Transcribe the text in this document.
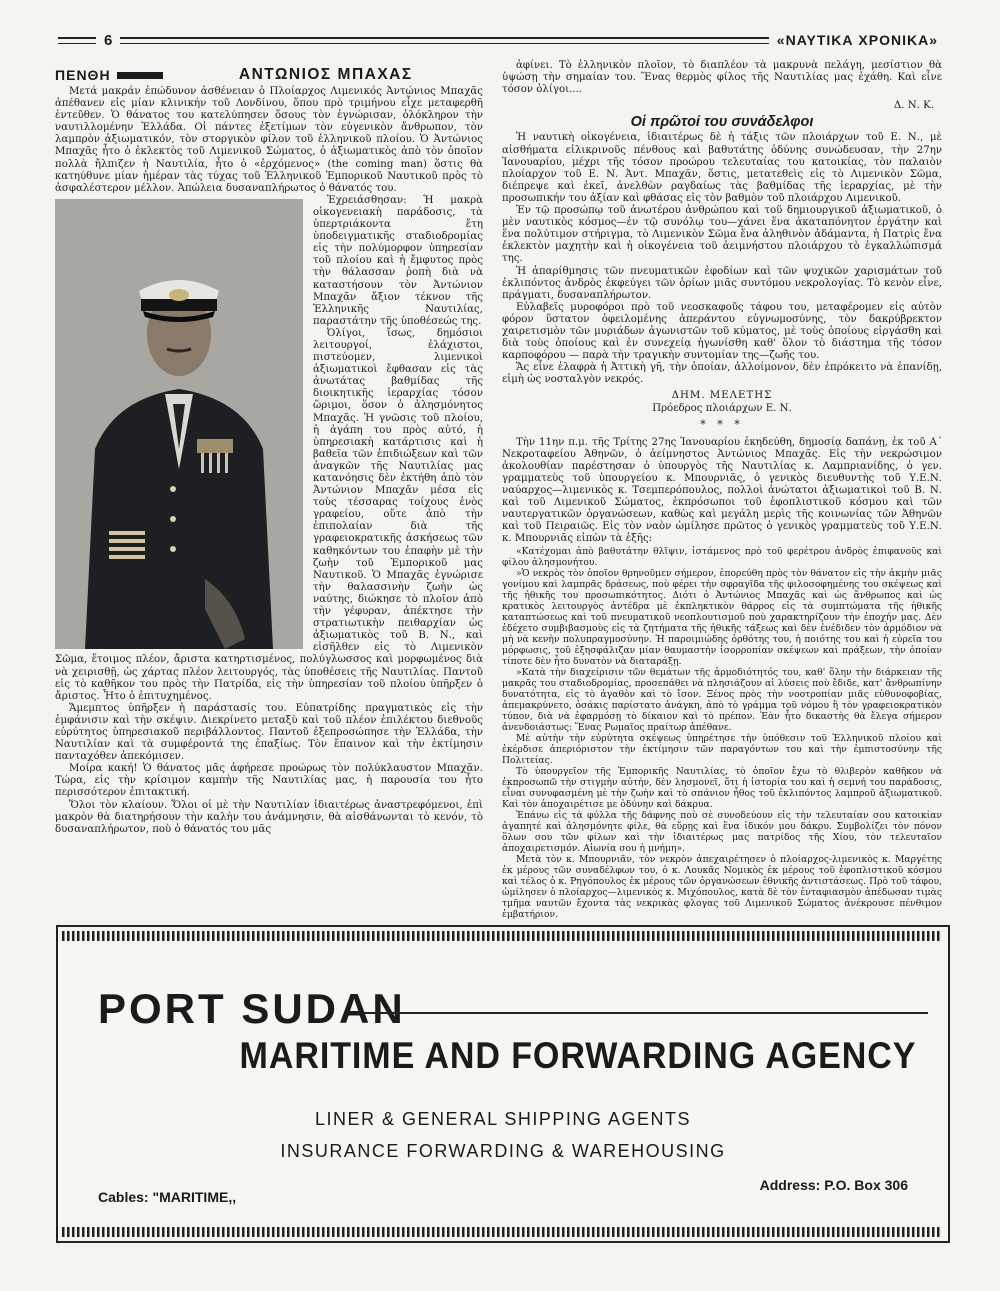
6	«ΝΑΥΤΙΚΑ ΧΡΟΝΙΚΑ»
ΠΕΝΘΗ	ΑΝΤΩΝΙΟΣ ΜΠΑΧΑΣ

Μετά μακράν ἐπώδυνον ἀσθένειαν ὁ Πλοίαρχος Λιμενικός Ἀντώνιος Μπαχᾶς ἀπέθανεν εἰς μίαν κλινικήν τοῦ Λονδίνου, ὅπου πρὸ τριμήνου εἶχε μεταφερθῆ ἐντεῦθεν. Ὁ θάνατος του κατελύπησεν ὅσους τὸν ἐγνώρισαν, ὁλόκληρον τὴν ναυτιλλομένην Ἑλλάδα. Οἱ πάντες ἐξετίμων τὸν εὐγενικὸν ἄνθρωπον, τὸν λαμπρὸν ἀξιωματικόν, τὸν στοργικὸν φίλον τοῦ ἑλληνικοῦ πλοίου. Ὁ Ἀντώνιος Μπαχᾶς ἦτο ὁ ἐκλεκτὸς τοῦ Λιμενικοῦ Σώματος, ὁ ἀξιωματικὸς ἀπὸ τὸν ὁποῖον πολλὰ ἤλπιζεν ἡ Ναυτιλία, ἦτο ὁ «ἐρχόμενος» (the coming man) ὅστις θὰ κατηύθυνε μίαν ἡμέραν τὰς τύχας τοῦ Ἑλληνικοῦ Ἐμπορικοῦ Ναυτικοῦ πρὸς τὸ ἀσφαλέστερον μέλλον. Ἀπώλεια δυσαναπλήρωτος ὁ θάνατός του.

Ἐχρειάσθησαν: Ἡ μακρὰ οἰκογενειακὴ παράδοσις, τὰ ὑπερτριάκοντα ἔτη ὑποδειγματικῆς σταδιοδρομίας εἰς τὴν πολύμορφον ὑπηρεσίαν τοῦ πλοίου καὶ ἡ ἔμφυτος πρὸς τὴν θάλασσαν ῥοπὴ διὰ νὰ καταστήσουν τὸν Ἀντώνιον Μπαχᾶν ἄξιον τέκνον τῆς Ἑλληνικῆς Ναυτιλίας, παραστάτην τῆς ὑποθέσεώς της.

Ὀλίγοι, ἴσως, δημόσιοι λειτουργοί, ἐλάχιστοι, πιστεύομεν, λιμενικοὶ ἀξιωματικοὶ ἔφθασαν εἰς τὰς ἀνωτάτας βαθμίδας τῆς διοικητικῆς ἱεραρχίας τόσον ὥριμοι, ὅσον ὁ ἀλησμόνητος Μπαχᾶς. Ἡ γνῶσις τοῦ πλοίου, ἡ ἀγάπη του πρὸς αὐτό, ἡ ὑπηρεσιακὴ κατάρτισις καὶ ἡ βαθεῖα τῶν ἐπιδιώξεων καὶ τῶν ἀναγκῶν τῆς Ναυτιλίας μας κατανόησις δὲν ἐκτήθη ἀπὸ τὸν Ἀντώνιον Μπαχᾶν μέσα εἰς τοὺς τέσσαρας τοίχους ἑνὸς γραφείου, οὔτε ἀπὸ τὴν ἐπιπολαίαν διὰ τῆς γραφειοκρατικῆς ἀσκήσεως τῶν καθηκόντων του ἐπαφὴν μὲ τὴν ζωὴν τοῦ Ἐμπορικοῦ μας Ναυτικοῦ. Ὁ Μπαχᾶς ἐγνώρισε τὴν θαλασσινὴν ζωὴν ὡς ναύτης, διώκησε τὸ πλοῖον ἀπὸ τὴν γέφυραν, ἀπέκτησε τὴν στρατιωτικὴν πειθαρχίαν ὡς ἀξιωματικὸς τοῦ Β. Ν., καὶ εἰσῆλθεν εἰς τὸ Λιμενικὸν Σῶμα, ἕτοιμος πλέον, ἄριστα κατηρτισμένος, πολύγλωσσος καὶ μορφωμένος διὰ νὰ χειρισθῇ, ὡς χάρτας πλέον λειτουργός, τὰς ὑποθέσεις τῆς Ναυτιλίας. Παντοῦ εἰς τὸ καθῆκον του πρὸς τὴν Πατρίδα, εἰς τὴν ὑπηρεσίαν τοῦ πλοίου ὑπῆρξεν ὁ ἄριστος. Ἦτο ὁ ἐπιτυχημένος.

Ἄμεμπτος ὑπῆρξεν ἡ παράστασίς του. Εὐπατρίδης πραγματικὸς εἰς τὴν ἐμφάνισιν καὶ τὴν σκέψιν. Διεκρίνετο μεταξὺ καὶ τοῦ πλέον ἐπιλέκτου διεθνοῦς εὐρύτητος ὑπηρεσιακοῦ περιβάλλοντος. Παντοῦ ἐξεπροσώπησε τὴν Ἑλλάδα, τὴν Ναυτιλίαν καὶ τὰ συμφέροντά της ἐπαξίως. Τὸν ἔπαινον καὶ τὴν ἐκτίμησιν πανταχόθεν ἀπεκόμισεν.

Μοίρα κακή! Ὁ θάνατος μᾶς ἀφήρεσε προώρως τὸν πολύκλαυστον Μπαχᾶν. Τώρα, εἰς τὴν κρίσιμον καμπὴν τῆς Ναυτιλίας μας, ἡ παρουσία του ἦτο περισσότερον ἐπιτακτική.

Ὅλοι τὸν κλαίουν. Ὅλοι οἱ μὲ τὴν Ναυτιλίαν ἰδιαιτέρως ἀναστρεφόμενοι, ἐπὶ μακρὸν θὰ διατηρήσουν τὴν καλὴν του ἀνάμνησιν, θὰ αἰσθάνωνται τὸ κενόν, τὸ δυσαναπλήρωτον, ποὺ ὁ θάνατός του μᾶς

ἀφίνει. Τὸ ἑλληνικὸν πλοῖον, τὸ διαπλέον τὰ μακρυνὰ πελάγη, μεσίστιον θὰ ὑψώσῃ τὴν σημαίαν του. Ἕνας θερμὸς φίλος τῆς Ναυτιλίας μας ἐχάθη. Καὶ εἶνε τόσον ὀλίγοι....

Δ. Ν. Κ.

Οἱ πρῶτοί του συνάδελφοι

Ἡ ναυτικὴ οἰκογένεια, ἰδιαιτέρως δὲ ἡ τάξις τῶν πλοιάρχων τοῦ Ε. Ν., μὲ αἰσθήματα εἰλικρινοῦς πένθους καὶ βαθυτάτης ὀδύνης συνώδευσαν, τὴν 27ην Ἰανουαρίου, μέχρι τῆς τόσον προώρου τελευταίας του κατοικίας, τὸν παλαιὸν πλοίαρχον τοῦ Ε. Ν. Ἀντ. Μπαχᾶν, ὅστις, μετατεθεὶς εἰς τὸ Λιμενικὸν Σῶμα, διέπρεψε καὶ ἐκεῖ, ἀνελθὼν ραγδαίως τὰς βαθμίδας τῆς ἱεραρχίας, μὲ τὴν προσωπικήν του ἀξίαν καὶ φθάσας εἰς τὸν βαθμὸν τοῦ πλοιάρχου Λιμενικοῦ.

Ἐν τῷ προσώπῳ τοῦ ἀνωτέρου ἀνθρώπου καὶ τοῦ δημιουργικοῦ ἀξιωματικοῦ, ὁ μὲν ναυτικὸς κόσμος—ἐν τῷ συνόλῳ του—χάνει ἕνα ἀκαταπόνητον ἐργάτην καὶ ἕνα πολύτιμον στήριγμα, τὸ Λιμενικὸν Σῶμα ἕνα ἀληθινὸν ἀδάμαντα, ἡ Πατρὶς ἕνα ἐκλεκτὸν μαχητὴν καὶ ἡ οἰκογένεια τοῦ ἀειμνήστου πλοιάρχου τὸ ἐγκαλλώπισμά της.

Ἡ ἀπαρίθμησις τῶν πνευματικῶν ἐφοδίων καὶ τῶν ψυχικῶν χαρισμάτων τοῦ ἐκλιπόντος ἀνδρὸς ἐκφεύγει τῶν ὁρίων μιᾶς συντόμου νεκρολογίας. Τὸ κενὸν εἶνε, πράγματι, δυσαναπλήρωτον.

Εὐλαβεῖς μυροφόροι πρὸ τοῦ νεοσκαφοῦς τάφου του, μεταφέρομεν εἰς αὐτὸν φόρον ὕστατον ὀφειλομένης ἀπεράντου εὐγνωμοσύνης, τὸν δακρύβρεκτον χαιρετισμὸν τῶν μυριάδων ἀγωνιστῶν τοῦ κύματος, μὲ τοὺς ὁποίους εἰργάσθη καὶ διὰ τοὺς ὁποίους καὶ ἐν συνεχείᾳ ἠγωνίσθη καθ' ὅλον τὸ διάστημα τῆς τόσον καρποφόρου — παρὰ τὴν τραγικὴν συντομίαν της—ζωῆς του.

Ἄς εἶνε ἐλαφρὰ ἡ Ἀττικὴ γῆ, τὴν ὁποίαν, ἀλλοίμονον, δὲν ἐπρόκειτο νὰ ἐπανίδῃ, εἰμὴ ὡς νοσταλγὸν νεκρός.

ΔΗΜ. ΜΕΛΕΤΗΣ

Πρόεδρος πλοιάρχων Ε. Ν.

* * *

Τὴν 11ην π.μ. τῆς Τρίτης 27ης Ἰανουαρίου ἐκηδεύθη, δημοσίᾳ δαπάνῃ, ἐκ τοῦ Α΄ Νεκροταφείου Ἀθηνῶν, ὁ ἀείμνηστος Ἀντώνιος Μπαχᾶς. Εἰς τὴν νεκρώσιμον ἀκολουθίαν παρέστησαν ὁ ὑπουργὸς τῆς Ναυτιλίας κ. Λαμπριανίδης, ὁ γεν. γραμματεὺς τοῦ ὑπουργείου κ. Μπουρνιᾶς, ὁ γενικὸς διευθυντὴς τοῦ Υ.Ε.Ν. ναύαρχος—λιμενικὸς κ. Τσεμπερόπουλος, πολλοὶ ἀνώτατοι ἀξιωματικοὶ τοῦ Β. Ν. καὶ τοῦ Λιμενικοῦ Σώματος, ἐκπρόσωποι τοῦ ἐφοπλιστικοῦ κόσμου καὶ τῶν ναυτεργατικῶν ὀργανώσεων, καθὼς καὶ μεγάλη μερὶς τῆς κοινωνίας τῶν Ἀθηνῶν καὶ τοῦ Πειραιῶς. Εἰς τὸν ναὸν ὡμίλησε πρῶτος ὁ γενικὸς γραμματεὺς τοῦ Υ.Ε.Ν. κ. Μπουρνιᾶς εἰπὼν τὰ ἑξῆς:

«Κατέχομαι ἀπὸ βαθυτάτην θλῖψιν, ἱστάμενος πρὸ τοῦ φερέτρου ἀνδρὸς ἐπιφανοῦς καὶ φίλου ἀλησμονήτου.

»Ὁ νεκρὸς τὸν ὁποῖον θρηνοῦμεν σήμερον, ἐπορεύθη πρὸς τὸν θάνατον εἰς τὴν ἀκμὴν μιᾶς γονίμου καὶ λαμπρᾶς δράσεως, ποὺ φέρει τὴν σφραγῖδα τῆς φιλοσοφημένης του σκέψεως καὶ τῆς ἠθικῆς του προσωπικότητος. Διότι ὁ Ἀντώνιος Μπαχᾶς καὶ ὡς ἄνθρωπος καὶ ὡς κρατικὸς λειτουργὸς ἀντέδρα μὲ ἐκπληκτικὸν θάρρος εἰς τὰ συμπτώματα τῆς ἠθικῆς καταπτώσεως καὶ τοῦ πνευματικοῦ νεοπλουτισμοῦ ποὺ χαρακτηρίζουν τὴν ἐποχήν μας. Δὲν ἐδέχετο συμβιβασμοὺς εἰς τὰ ζητήματα τῆς ἠθικῆς τάξεως καὶ δὲν ἐνέδιδεν τὸν ἀρμόδιον νὰ μὴ νὰ κενὴν πολυπραγμοσύνην. Ἡ παροιμιώδης ὀρθότης του, ἡ ποιότης του καὶ ἡ εὐρεῖα του μόρφωσις, τοῦ ἐξησφάλιζαν μίαν θαυμαστὴν ἰσορροπίαν σκέψεων καὶ πράξεων, τὴν ὁποίαν τίποτε δὲν ἦτο δυνατὸν νὰ διαταράξῃ.

»Κατὰ τὴν διαχείρισιν τῶν θεμάτων τῆς ἁρμοδιότητός του, καθ' ὅλην τὴν διάρκειαν τῆς μακρᾶς του σταδιοδρομίας, προσεπάθει νὰ πλησιάζουν αἱ λύσεις ποὺ ἔδιδε, κατ' ἄνθρωπίνην δυνατότητα, εἰς τὸ ἀγαθὸν καὶ τὸ ἴσον. Ξένος πρὸς τὴν νοοτροπίαν μιᾶς εὐθυνοφοβίας, ἀπεμακρύνετο, ὁσάκις παρίστατο ἀνάγκη, ἀπὸ τὸ γράμμα τοῦ νόμου ἢ τὸν γραφειοκρατικὸν τύπον, διὰ νὰ ἐφαρμόσῃ τὸ δίκαιον καὶ τὸ πρέπον. Ἐὰν ἦτο δικαστὴς θὰ ἔλεγα σήμερον ἀνενδοιάστως: Ἕνας Ρωμαῖος πραίτωρ ἀπέθανε.

Μὲ αὐτὴν τὴν εὐρύτητα σκέψεως ὑπηρέτησε τὴν ὑπόθεσιν τοῦ Ἑλληνικοῦ πλοίου καὶ ἐκέρδισε ἀπεριόριστον τὴν ἐκτίμησιν τῶν παραγόντων του καὶ τὴν ἐμπιστοσύνην τῆς Πολιτείας.

Τὸ ὑπουργεῖον τῆς Ἐμπορικῆς Ναυτιλίας, τὸ ὁποῖον ἔχω τὸ θλιβερὸν καθῆκον νὰ ἐκπροσωπῶ τὴν στιγμὴν αὐτήν, δὲν λησμονεῖ, ὅτι ἡ ἱστορία του καὶ ἡ σεμνή του παράδοσις, εἶναι συνυφασμένη μὲ τὴν ζωὴν καὶ τὸ σπάνιον ἦθος τοῦ ἐκλιπόντος λαμπροῦ ἀξιωματικοῦ. Καὶ τὸν ἀποχαιρέτισε με ὀδύνην καὶ δάκρυα.

Ἐπάνω εἰς τὰ φύλλα τῆς δάφνης ποὺ σὲ συνοδεύουν εἰς τὴν τελευταίαν σου κατοικίαν ἀγαπητέ καὶ ἀλησμόνητε φίλε, θὰ εὕρῃς καὶ ἕνα ἰδικόν μου δάκρυ. Συμβολίζει τὸν πόνον ὅλων σου τῶν φίλων καὶ τὴν ἰδιαιτέρως μας πατρίδος τῆς Χίου, τὸν τελευταῖον ἀποχαιρετισμόν. Αἰωνία σου ἡ μνήμη».

Μετὰ τὸν κ. Μπουρνιᾶν, τὸν νεκρὸν ἀπεχαιρέτησεν ὁ πλοίαρχος-λιμενικὸς κ. Μαργέτης ἐκ μέρους τῶν συναδέλφων του, ὁ κ. Λουκᾶς Νομικὸς ἐκ μέρους τοῦ ἐφοπλιστικοῦ κόσμου καὶ τέλος ὁ κ. Ρηγόπουλος ἐκ μέρους τῶν ὀργανώσεων ἐθνικῆς ἀντιστάσεως. Πρὸ τοῦ τάφου, ὡμίλησεν ὁ πλοίαρχος—λιμενικὸς κ. Μιχόπουλος, κατὰ δὲ τὸν ἐνταφιασμὸν ἀπέδωσαν τιμὰς τμῆμα ναυτῶν ἔχοντα τὰς νεκρικὰς φλογας τοῦ Λιμενικοῦ Σώματος ἀνέκρουσε πένθιμον ἐμβατήριον.

PORT SUDAN
MARITIME AND FORWARDING AGENCY
LINER & GENERAL SHIPPING AGENTS
INSURANCE FORWARDING & WAREHOUSING
Cables: "MARITIME,,
Address: P.O. Box 306
